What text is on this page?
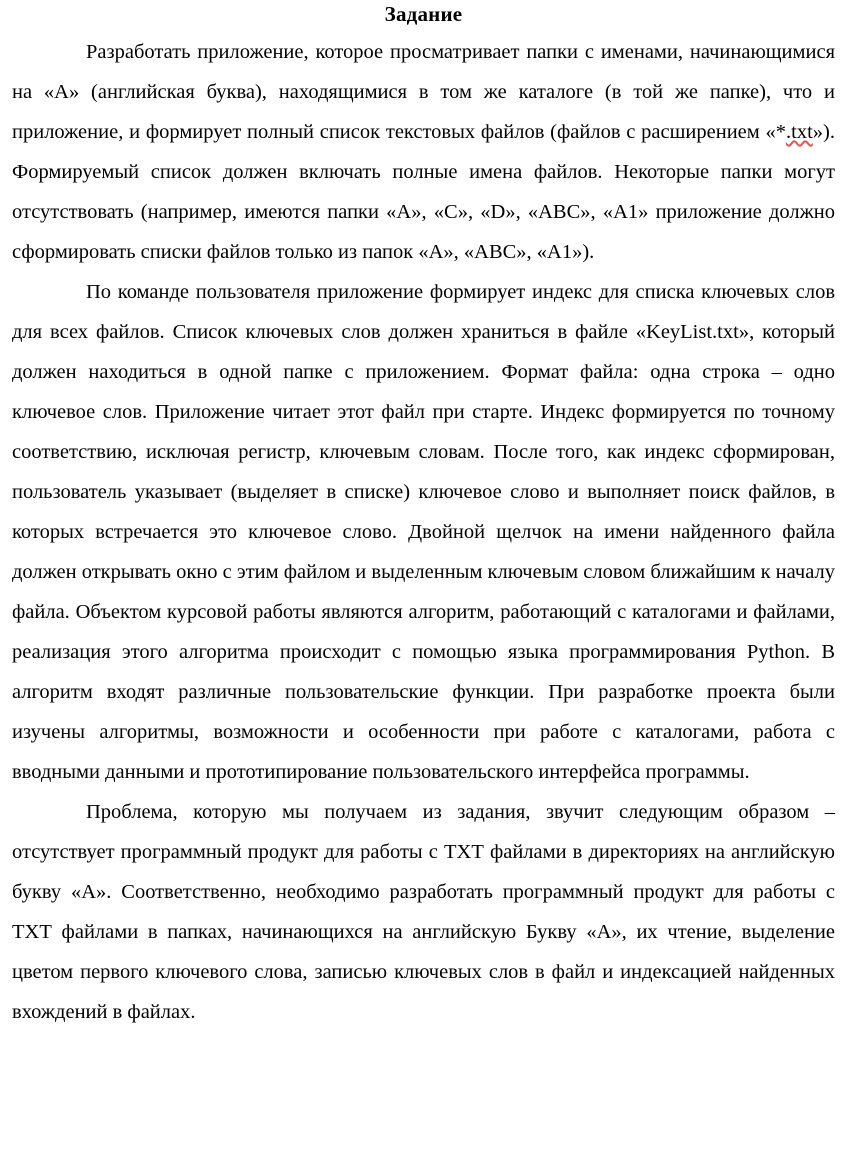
Задание

Разработать приложение, которое просматривает папки с именами, начинающимися на «А» (английская буква), находящимися в том же каталоге (в той же папке), что и приложение, и формирует полный список текстовых файлов (файлов с расширением «*.txt»). Формируемый список должен включать полные имена файлов. Некоторые папки могут отсутствовать (например, имеются папки «A», «C», «D», «ABC», «A1» приложение должно сформировать списки файлов только из папок «A», «ABC», «A1»).

По команде пользователя приложение формирует индекс для списка ключевых слов для всех файлов. Список ключевых слов должен храниться в файле «KeyList.txt», который должен находиться в одной папке с приложением. Формат файла: одна строка – одно ключевое слов. Приложение читает этот файл при старте. Индекс формируется по точному соответствию, исключая регистр, ключевым словам. После того, как индекс сформирован, пользователь указывает (выделяет в списке) ключевое слово и выполняет поиск файлов, в которых встречается это ключевое слово. Двойной щелчок на имени найденного файла должен открывать окно с этим файлом и выделенным ключевым словом ближайшим к началу файла. Объектом курсовой работы являются алгоритм, работающий с каталогами и файлами, реализация этого алгоритма происходит с помощью языка программирования Python. В алгоритм входят различные пользовательские функции. При разработке проекта были изучены алгоритмы, возможности и особенности при работе с каталогами, работа с вводными данными и прототипирование пользовательского интерфейса программы.

Проблема, которую мы получаем из задания, звучит следующим образом – отсутствует программный продукт для работы с ТХТ файлами в директориях на английскую букву «А». Соответственно, необходимо разработать программный продукт для работы с ТХТ файлами в папках, начинающихся на английскую Букву «А», их чтение, выделение цветом первого ключевого слова, записью ключевых слов в файл и индексацией найденных вхождений в файлах.
